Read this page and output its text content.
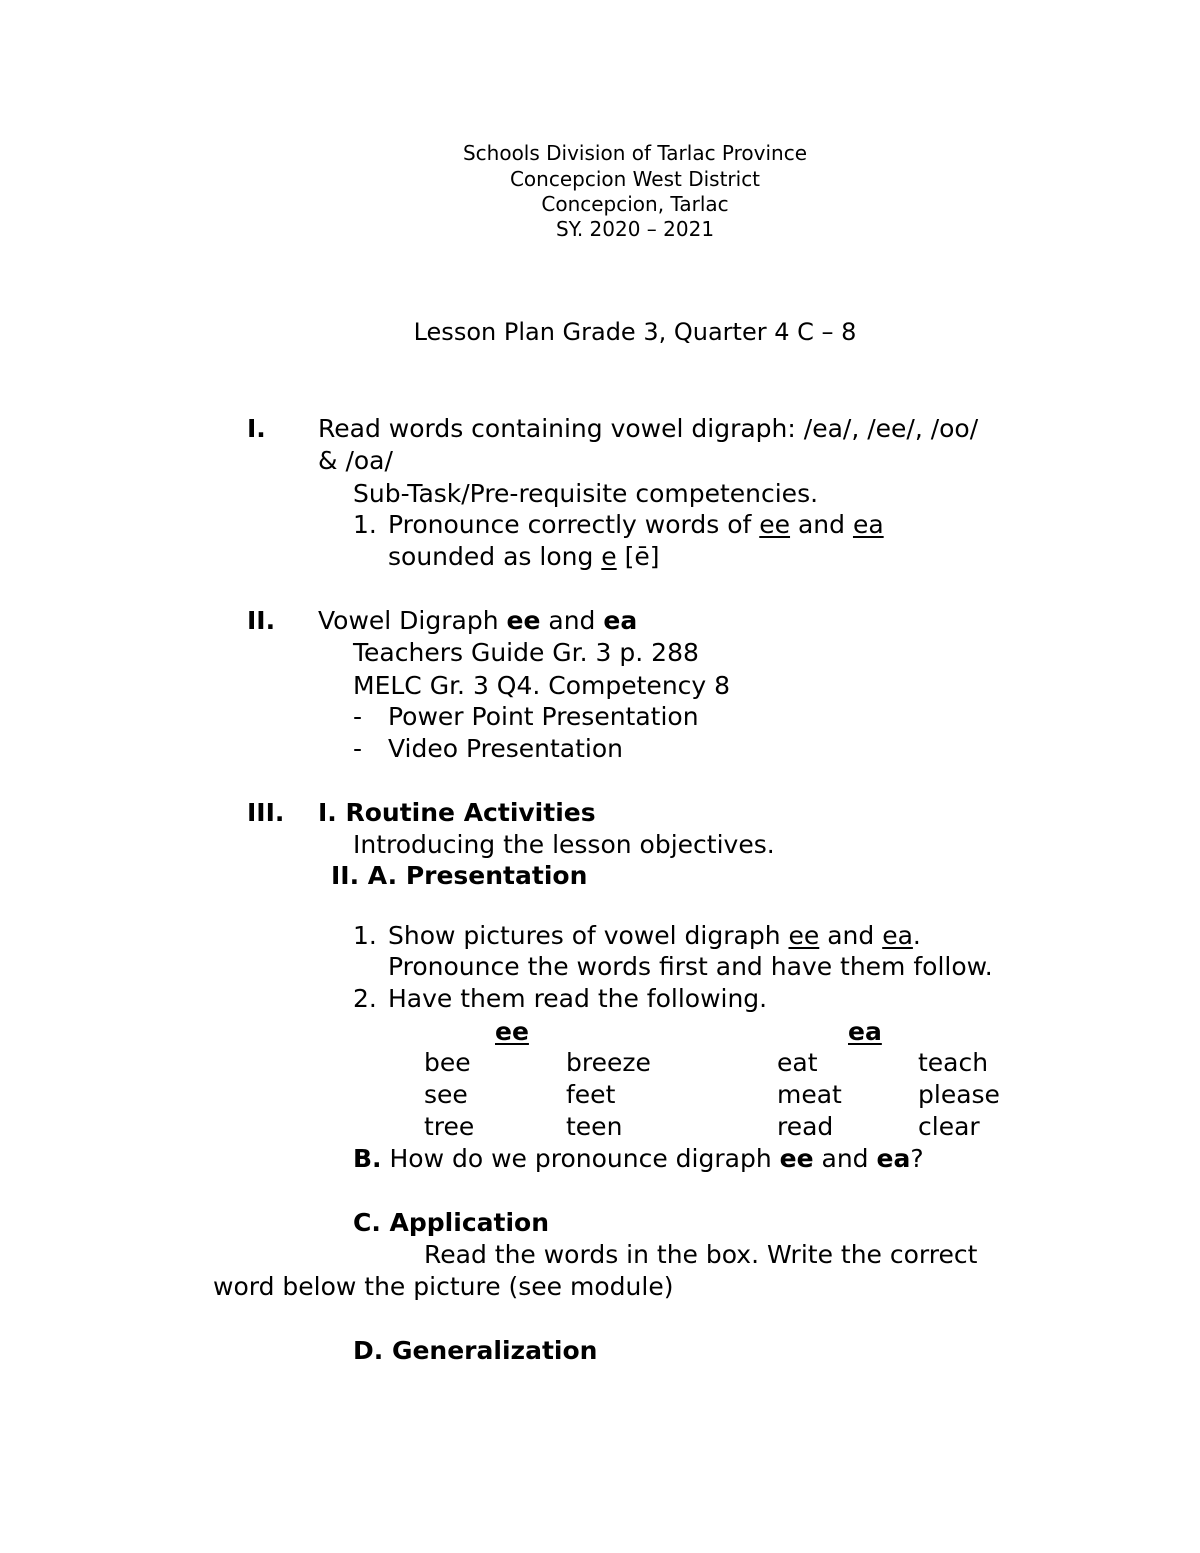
Schools Division of Tarlac Province
Concepcion West District
Concepcion, Tarlac
SY. 2020 – 2021
Lesson Plan Grade 3, Quarter 4 C – 8
I. Read words containing vowel digraph: /ea/, /ee/, /oo/
& /oa/
Sub-Task/Pre-requisite competencies.
1. Pronounce correctly words of ee and ea
sounded as long e [ē]
II. Vowel Digraph ee and ea
Teachers Guide Gr. 3 p. 288
MELC Gr. 3 Q4. Competency 8
- Power Point Presentation
- Video Presentation
III. I. Routine Activities
Introducing the lesson objectives.
II. A. Presentation
1. Show pictures of vowel digraph ee and ea.
Pronounce the words first and have them follow.
2. Have them read the following.
ee	ea
bee	breeze	eat	teach
see	feet	meat	please
tree	teen	read	clear
B. How do we pronounce digraph ee and ea?
C. Application
Read the words in the box. Write the correct
word below the picture (see module)
D. Generalization
